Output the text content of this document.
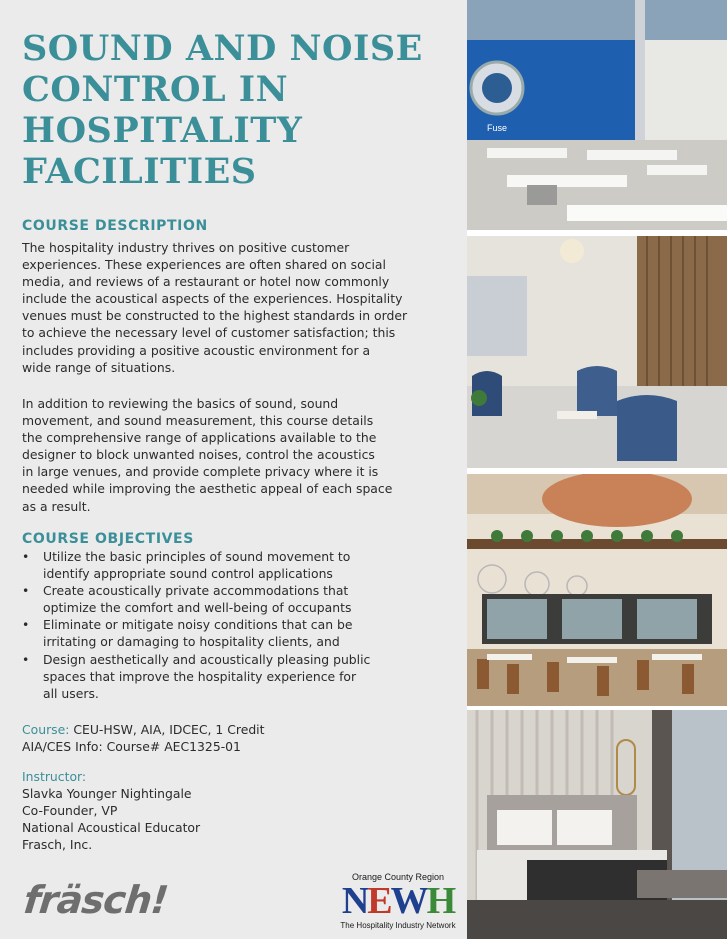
SOUND AND NOISE
CONTROL IN
HOSPITALITY
FACILITIES
COURSE DESCRIPTION
The hospitality industry thrives on positive customer
experiences. These experiences are often shared on social
media, and reviews of a restaurant or hotel now commonly
include the acoustical aspects of the experiences. Hospitality
venues must be constructed to the highest standards in order
to achieve the necessary level of customer satisfaction; this
includes providing a positive acoustic environment for a
wide range of situations.
In addition to reviewing the basics of sound, sound
movement, and sound measurement, this course details
the comprehensive range of applications available to the
designer to block unwanted noises, control the acoustics
in large venues, and provide complete privacy where it is
needed while improving the aesthetic appeal of each space
as a result.
COURSE OBJECTIVES
• Utilize the basic principles of sound movement to
identify appropriate sound control applications
• Create acoustically private accommodations that
optimize the comfort and well-being of occupants
• Eliminate or mitigate noisy conditions that can be
irritating or damaging to hospitality clients, and
• Design aesthetically and acoustically pleasing public
spaces that improve the hospitality experience for
all users.
Course: CEU-HSW, AIA, IDCEC, 1 Credit
AIA/CES Info: Course# AEC1325-01
Instructor:
Slavka Younger Nightingale
Co-Founder, VP
National Acoustical Educator
Frasch, Inc.
fräsch!
Orange County Region
NEWH
The Hospitality Industry Network
Fuse
